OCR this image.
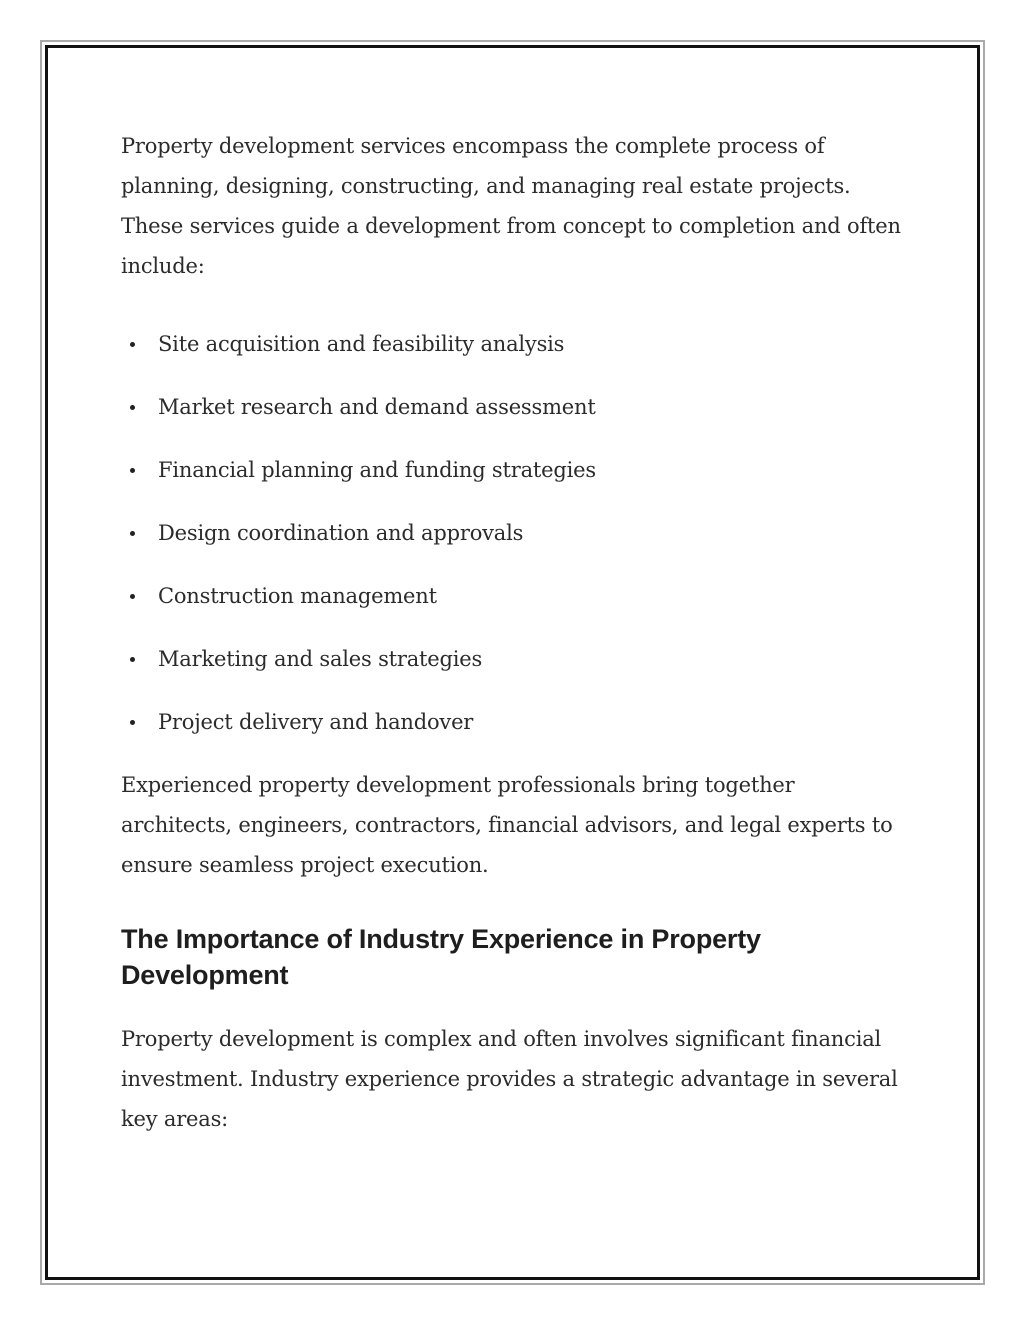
Property development services encompass the complete process of planning, designing, constructing, and managing real estate projects. These services guide a development from concept to completion and often include:

Site acquisition and feasibility analysis
Market research and demand assessment
Financial planning and funding strategies
Design coordination and approvals
Construction management
Marketing and sales strategies
Project delivery and handover

Experienced property development professionals bring together architects, engineers, contractors, financial advisors, and legal experts to ensure seamless project execution.

The Importance of Industry Experience in Property Development

Property development is complex and often involves significant financial investment. Industry experience provides a strategic advantage in several key areas:
